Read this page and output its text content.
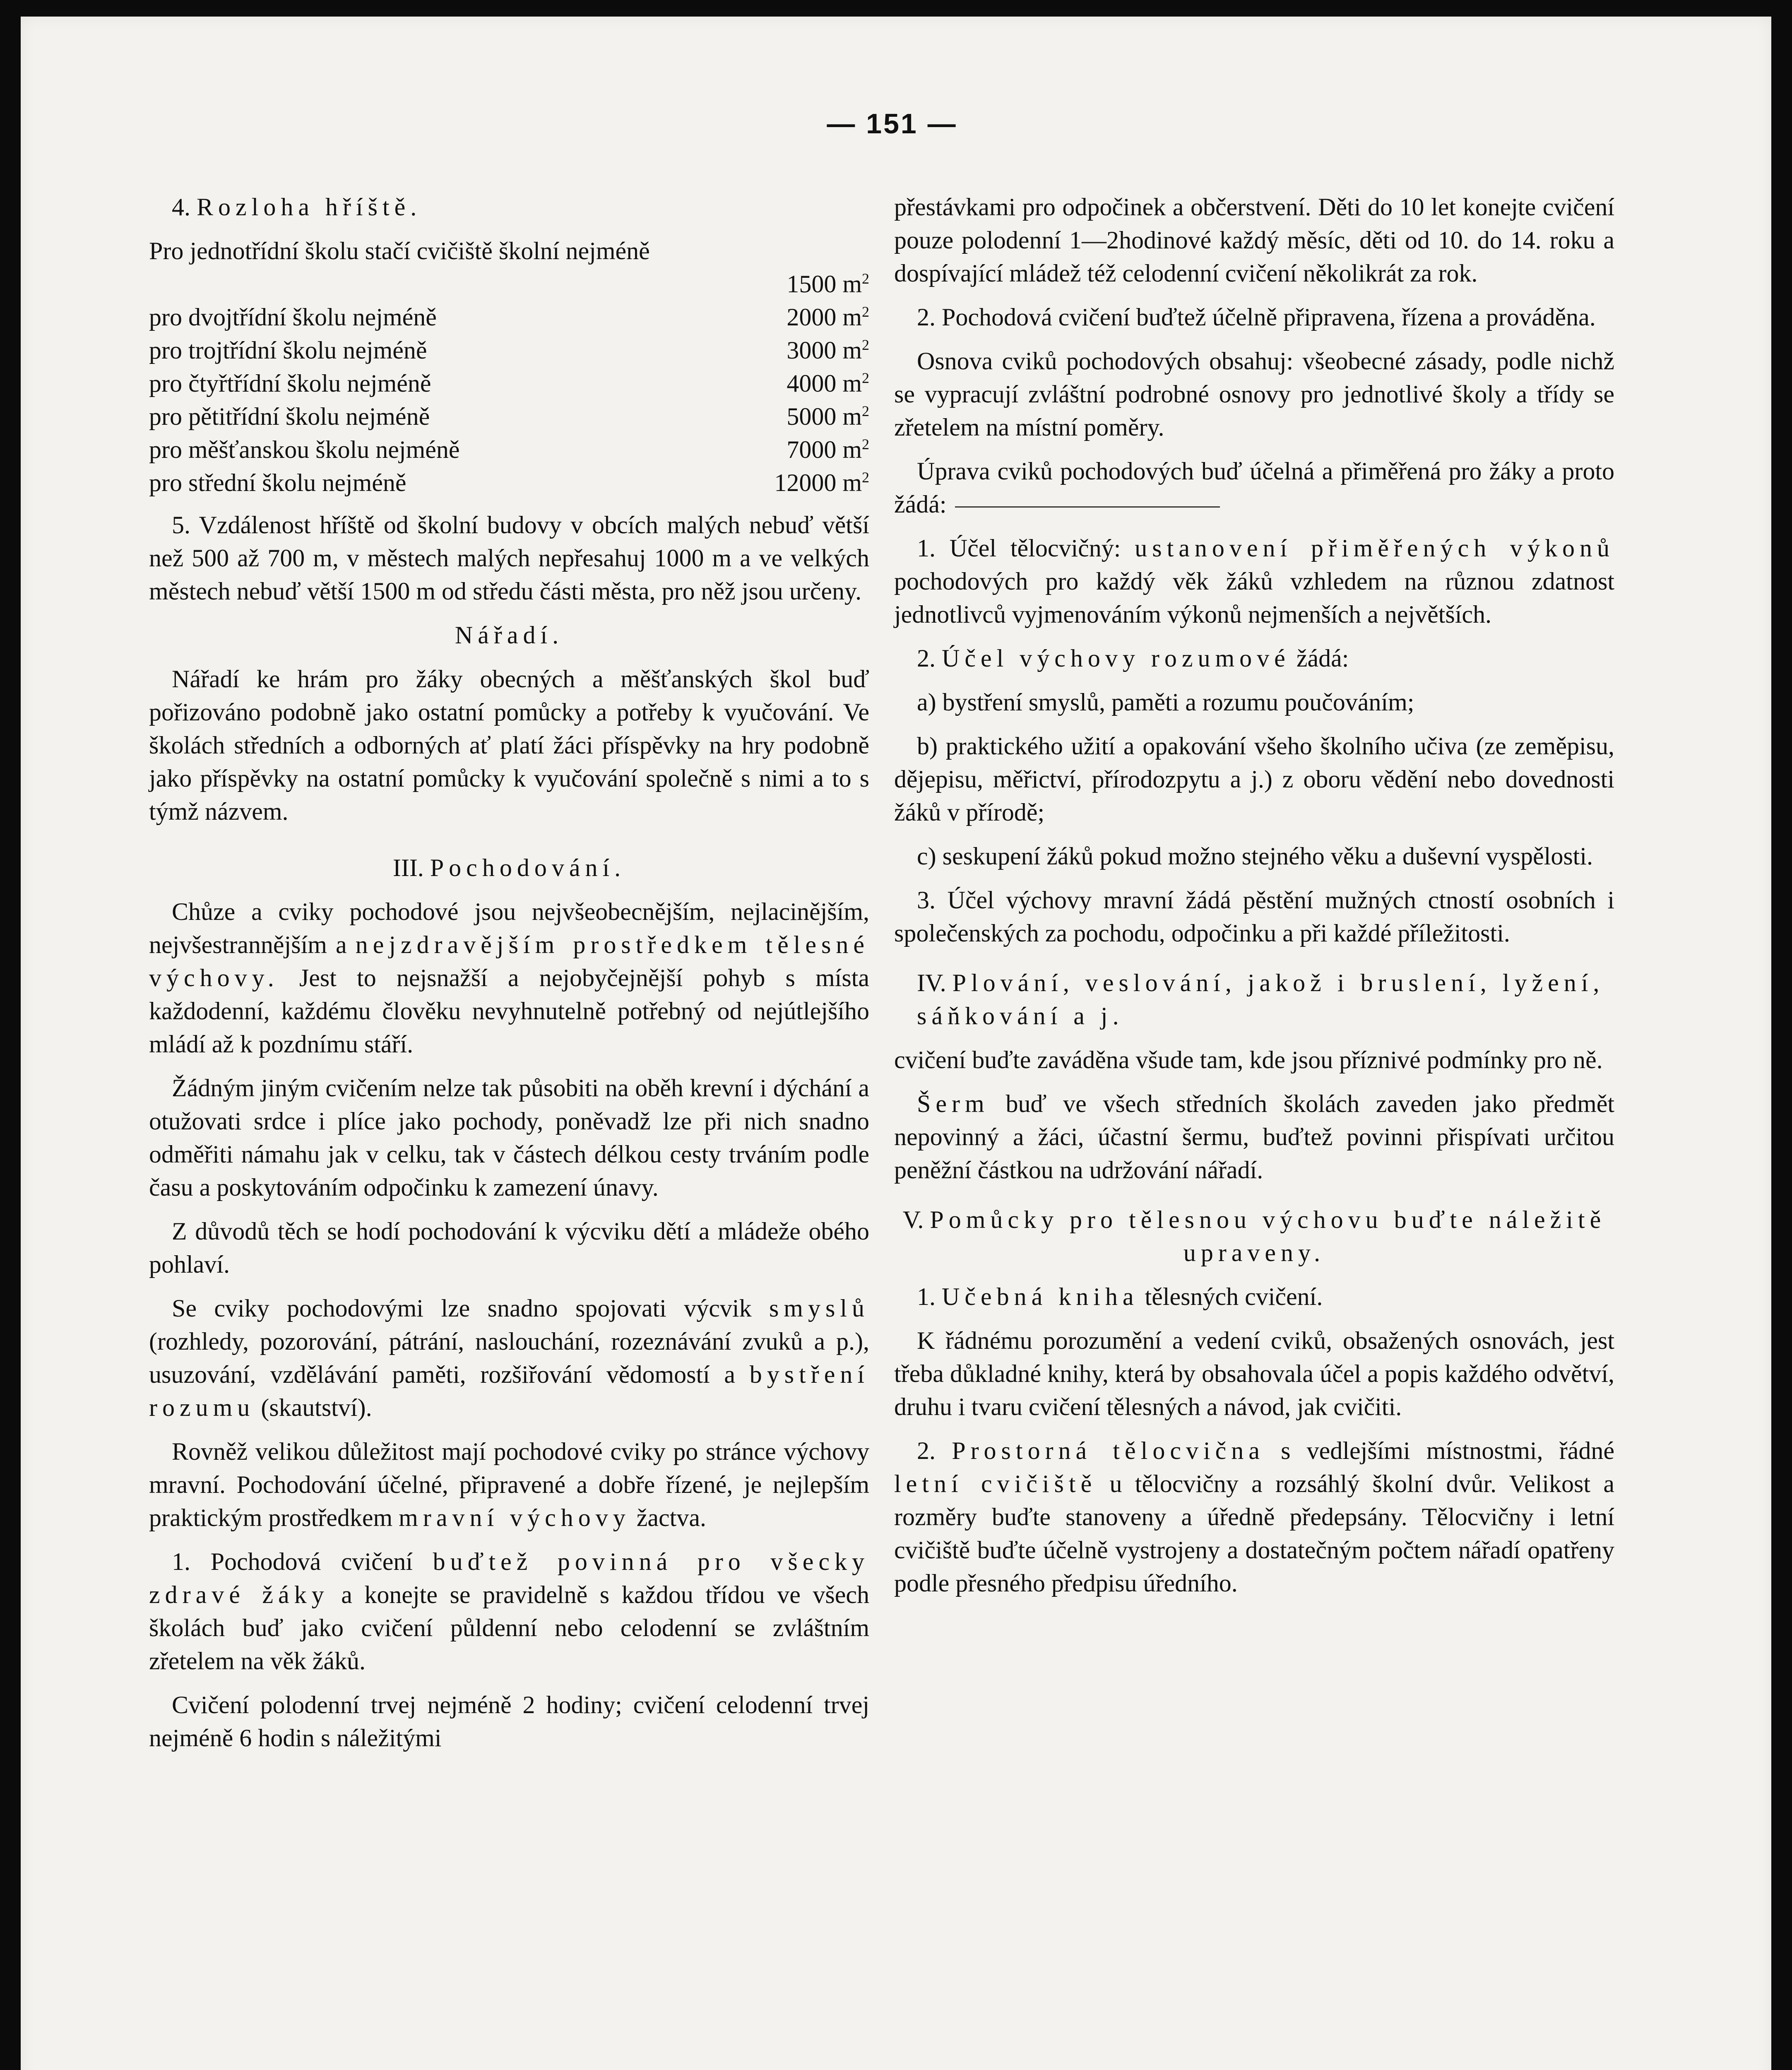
— 151 —

4. Rozloha hříště.

Pro jednotřídní školu stačí cvičiště školní nejméně

1500 $m^2$
pro dvojtřídní školu nejméně	2000 $m^2$
pro trojtřídní školu nejméně	3000 $m^2$
pro čtyřtřídní školu nejméně	4000 $m^2$
pro pětitřídní školu nejméně	5000 $m^2$
pro měšťanskou školu nejméně	7000 $m^2$
pro střední školu nejméně	12000 $m^2$

5. Vzdálenost hříště od školní budovy v obcích malých nebuď větší než 500 až 700 m, v městech malých nepřesahuj 1000 m a ve velkých městech nebuď větší 1500 m od středu části města, pro něž jsou určeny.

Nářadí.

Nářadí ke hrám pro žáky obecných a měšťanských škol buď pořizováno podobně jako ostatní pomůcky a potřeby k vyučování. Ve školách středních a odborných ať platí žáci příspěvky na hry podobně jako příspěvky na ostatní pomůcky k vyučování společně s nimi a to s týmž názvem.

III. Pochodování.

Chůze a cviky pochodové jsou nejvšeobecnějším, nejlacinějším, nejvšestrannějším a nejzdravějším prostředkem tělesné výchovy. Jest to nejsnažší a nejobyčejnější pohyb s místa každodenní, každému člověku nevyhnutelně potřebný od nejútlejšího mládí až k pozdnímu stáří.

Žádným jiným cvičením nelze tak působiti na oběh krevní i dýchání a otužovati srdce i plíce jako pochody, poněvadž lze při nich snadno odměřiti námahu jak v celku, tak v částech délkou cesty trváním podle času a poskytováním odpočinku k zamezení únavy.

Z důvodů těch se hodí pochodování k výcviku dětí a mládeže obého pohlaví.

Se cviky pochodovými lze snadno spojovati výcvik smyslů (rozhledy, pozorování, pátrání, naslouchání, rozeznávání zvuků a p.), usuzování, vzdělávání paměti, rozšiřování vědomostí a bystření rozumu (skautství).

Rovněž velikou důležitost mají pochodové cviky po stránce výchovy mravní. Pochodování účelné, připravené a dobře řízené, je nejlepším praktickým prostředkem mravní výchovy žactva.

1. Pochodová cvičení buďtež povinná pro všecky zdravé žáky a konejte se pravidelně s každou třídou ve všech školách buď jako cvičení půldenní nebo celodenní se zvláštním zřetelem na věk žáků.

Cvičení polodenní trvej nejméně 2 hodiny; cvičení celodenní trvej nejméně 6 hodin s náležitými

přestávkami pro odpočinek a občerstvení. Děti do 10 let konejte cvičení pouze polodenní 1—2hodinové každý měsíc, děti od 10. do 14. roku a dospívající mládež též celodenní cvičení několikrát za rok.

2. Pochodová cvičení buďtež účelně připravena, řízena a prováděna.

Osnova cviků pochodových obsahuj: všeobecné zásady, podle nichž se vypracují zvláštní podrobné osnovy pro jednotlivé školy a třídy se zřetelem na místní poměry.

Úprava cviků pochodových buď účelná a přiměřená pro žáky a proto žádá:

1. Účel tělocvičný: ustanovení přiměřených výkonů pochodových pro každý věk žáků vzhledem na různou zdatnost jednotlivců vyjmenováním výkonů nejmenších a největších.

2. Účel výchovy rozumové žádá:

a) bystření smyslů, paměti a rozumu poučováním;

b) praktického užití a opakování všeho školního učiva (ze zeměpisu, dějepisu, měřictví, přírodozpytu a j.) z oboru vědění nebo dovednosti žáků v přírodě;

c) seskupení žáků pokud možno stejného věku a duševní vyspělosti.

3. Účel výchovy mravní žádá pěstění mužných ctností osobních i společenských za pochodu, odpočinku a při každé příležitosti.

IV. Plování, veslování, jakož i bruslení, lyžení, sáňkování a j.

cvičení buďte zaváděna všude tam, kde jsou příznivé podmínky pro ně.

Šerm buď ve všech středních školách zaveden jako předmět nepovinný a žáci, účastní šermu, buďtež povinni přispívati určitou peněžní částkou na udržování nářadí.

V. Pomůcky pro tělesnou výchovu buďte náležitě upraveny.

1. Učebná kniha tělesných cvičení.

K řádnému porozumění a vedení cviků, obsažených osnovách, jest třeba důkladné knihy, která by obsahovala účel a popis každého odvětví, druhu i tvaru cvičení tělesných a návod, jak cvičiti.

2. Prostorná tělocvična s vedlejšími místnostmi, řádné letní cvičiště u tělocvičny a rozsáhlý školní dvůr. Velikost a rozměry buďte stanoveny a úředně předepsány. Tělocvičny i letní cvičiště buďte účelně vystrojeny a dostatečným počtem nářadí opatřeny podle přesného předpisu úředního.
